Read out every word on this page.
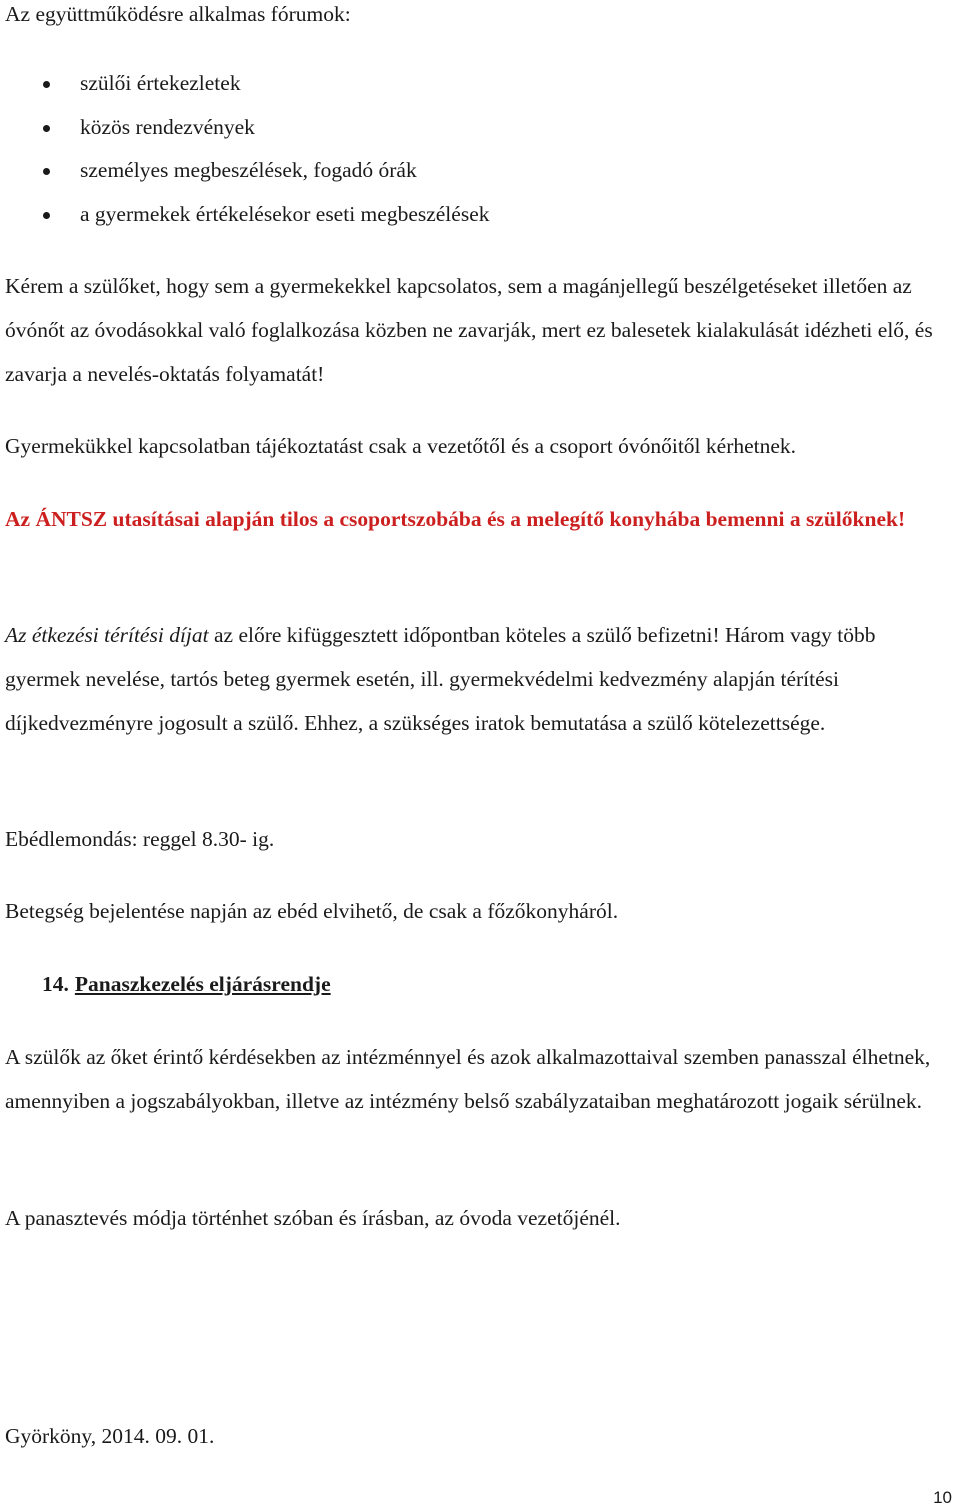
Az együttműködésre alkalmas fórumok:

szülői értekezletek
közös rendezvények
személyes megbeszélések, fogadó órák
a gyermekek értékelésekor eseti megbeszélések

Kérem a szülőket, hogy sem a gyermekekkel kapcsolatos, sem a magánjellegű beszélgetéseket illetően az óvónőt az óvodásokkal való foglalkozása közben ne zavarják, mert ez balesetek kialakulását idézheti elő, és zavarja a nevelés-oktatás folyamatát!

Gyermekükkel kapcsolatban tájékoztatást csak a vezetőtől és a csoport óvónőitől kérhetnek.

Az ÁNTSZ utasításai alapján tilos a csoportszobába és a melegítő konyhába bemenni a szülőknek!

Az étkezési térítési díjat az előre kifüggesztett időpontban köteles a szülő befizetni! Három vagy több gyermek nevelése, tartós beteg gyermek esetén, ill. gyermekvédelmi kedvezmény alapján térítési díjkedvezményre jogosult a szülő. Ehhez, a szükséges iratok bemutatása a szülő kötelezettsége.

Ebédlemondás: reggel 8.30- ig.

Betegség bejelentése napján az ebéd elvihető, de csak a főzőkonyháról.

14. Panaszkezelés eljárásrendje

A szülők az őket érintő kérdésekben az intézménnyel és azok alkalmazottaival szemben panasszal élhetnek, amennyiben a jogszabályokban, illetve az intézmény belső szabályzataiban meghatározott jogaik sérülnek.

A panasztevés módja történhet szóban és írásban, az óvoda vezetőjénél.

Györköny, 2014. 09. 01.

10
